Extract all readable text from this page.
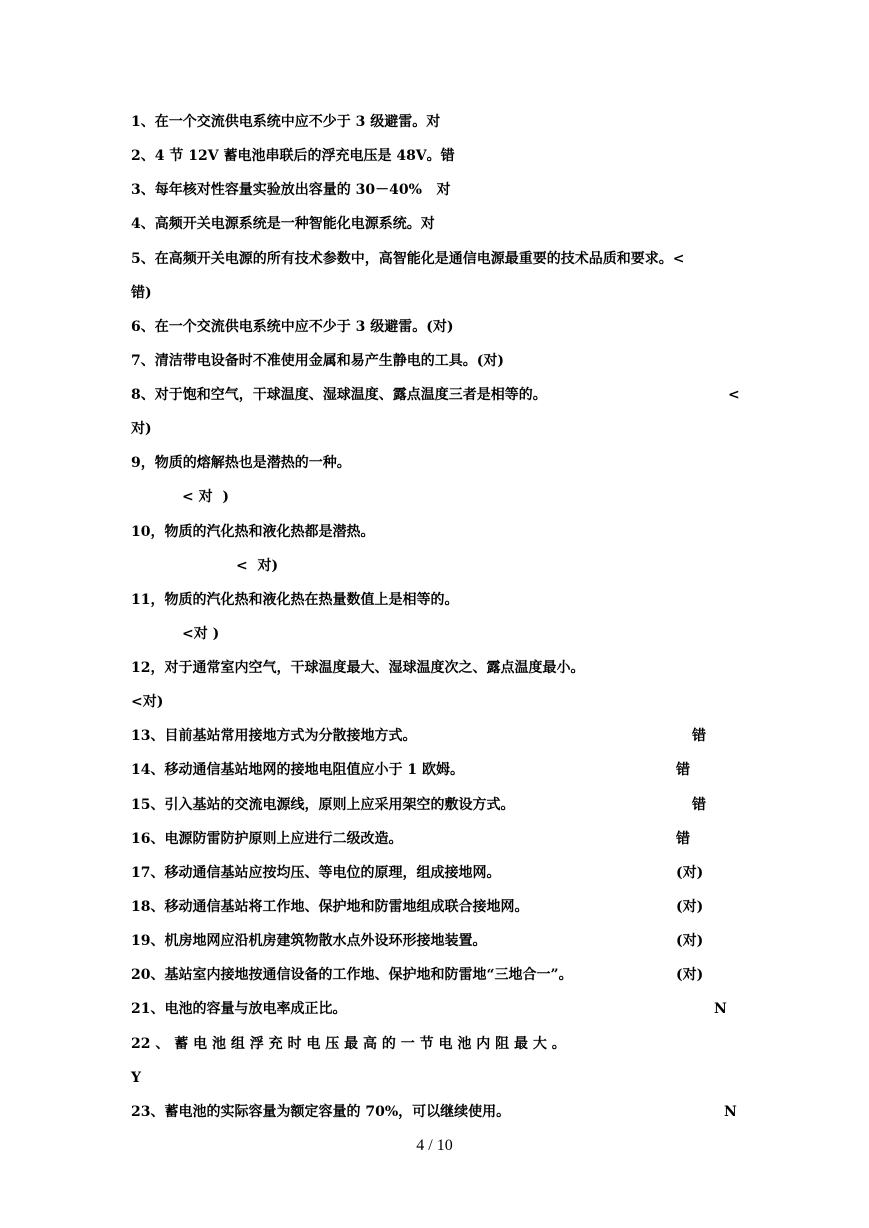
1、在一个交流供电系统中应不少于 3 级避雷。对

2、4 节 12V 蓄电池串联后的浮充电压是 48V。错

3、每年核对性容量实验放出容量的 30－40%   对

4、高频开关电源系统是一种智能化电源系统。对

5、在高频开关电源的所有技术参数中，高智能化是通信电源最重要的技术品质和要求。<

错)

6、在一个交流供电系统中应不少于 3 级避雷。(对)

7、清洁带电设备时不准使用金属和易产生静电的工具。(对)

8、对于饱和空气，干球温度、湿球温度、露点温度三者是相等的。	<

对)

9，物质的熔解热也是潜热的一种。

< 对  )

10，物质的汽化热和液化热都是潜热。

<  对)

11，物质的汽化热和液化热在热量数值上是相等的。

<对 )

12，对于通常室内空气，干球温度最大、湿球温度次之、露点温度最小。

<对)

13、目前基站常用接地方式为分散接地方式。	错

14、移动通信基站地网的接地电阻值应小于 1 欧姆。	错

15、引入基站的交流电源线，原则上应采用架空的敷设方式。	错

16、电源防雷防护原则上应进行二级改造。	错

17、移动通信基站应按均压、等电位的原理，组成接地网。	(对)

18、移动通信基站将工作地、保护地和防雷地组成联合接地网。	(对)

19、机房地网应沿机房建筑物散水点外设环形接地装置。	(对)

20、基站室内接地按通信设备的工作地、保护地和防雷地“三地合一”。	(对)

21、电池的容量与放电率成正比。	N

22 、 蓄 电 池 组 浮 充 时 电 压 最 高 的 一 节 电 池 内 阻 最 大 。

Y

23、蓄电池的实际容量为额定容量的 70%，可以继续使用。	N
4 / 10
